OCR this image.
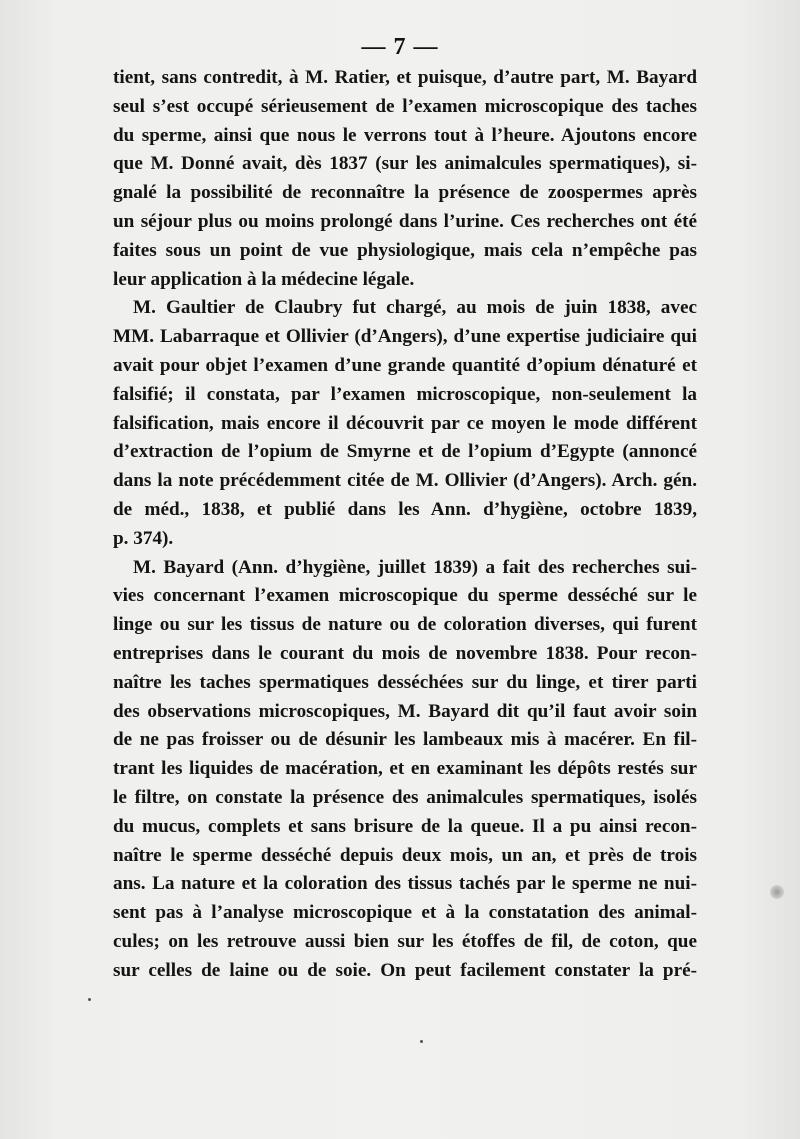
— 7 —
tient, sans contredit, à M. Ratier, et puisque, d’autre part, M. Bayard
seul s’est occupé sérieusement de l’examen microscopique des taches
du sperme, ainsi que nous le verrons tout à l’heure. Ajoutons encore
que M. Donné avait, dès 1837 (sur les animalcules spermatiques), si-
gnalé la possibilité de reconnaître la présence de zoospermes après
un séjour plus ou moins prolongé dans l’urine. Ces recherches ont été
faites sous un point de vue physiologique, mais cela n’empêche pas
leur application à la médecine légale.
M. Gaultier de Claubry fut chargé, au mois de juin 1838, avec
MM. Labarraque et Ollivier (d’Angers), d’une expertise judiciaire qui
avait pour objet l’examen d’une grande quantité d’opium dénaturé et
falsifié; il constata, par l’examen microscopique, non-seulement la
falsification, mais encore il découvrit par ce moyen le mode différent
d’extraction de l’opium de Smyrne et de l’opium d’Egypte (annoncé
dans la note précédemment citée de M. Ollivier (d’Angers). Arch. gén.
de méd., 1838, et publié dans les Ann. d’hygiène, octobre 1839,
p. 374).
M. Bayard (Ann. d’hygiène, juillet 1839) a fait des recherches sui-
vies concernant l’examen microscopique du sperme desséché sur le
linge ou sur les tissus de nature ou de coloration diverses, qui furent
entreprises dans le courant du mois de novembre 1838. Pour recon-
naître les taches spermatiques desséchées sur du linge, et tirer parti
des observations microscopiques, M. Bayard dit qu’il faut avoir soin
de ne pas froisser ou de désunir les lambeaux mis à macérer. En fil-
trant les liquides de macération, et en examinant les dépôts restés sur
le filtre, on constate la présence des animalcules spermatiques, isolés
du mucus, complets et sans brisure de la queue. Il a pu ainsi recon-
naître le sperme desséché depuis deux mois, un an, et près de trois
ans. La nature et la coloration des tissus tachés par le sperme ne nui-
sent pas à l’analyse microscopique et à la constatation des animal-
cules; on les retrouve aussi bien sur les étoffes de fil, de coton, que
sur celles de laine ou de soie. On peut facilement constater la pré-
